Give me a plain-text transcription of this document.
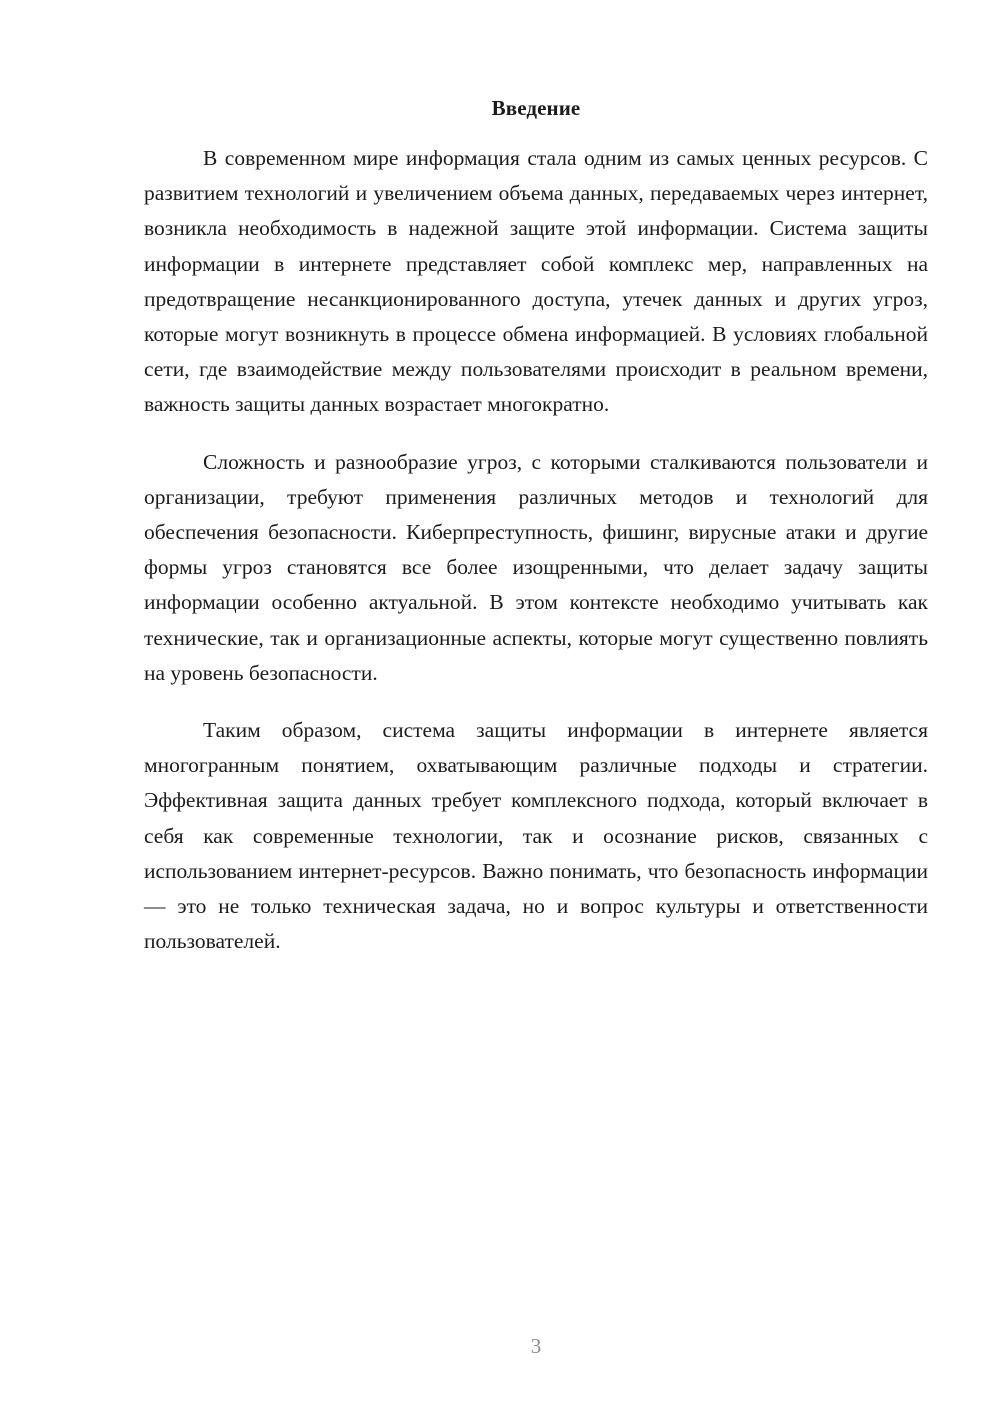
Введение

В современном мире информация стала одним из самых ценных ресурсов. С развитием технологий и увеличением объема данных, передаваемых через интернет, возникла необходимость в надежной защите этой информации. Система защиты информации в интернете представляет собой комплекс мер, направленных на предотвращение несанкционированного доступа, утечек данных и других угроз, которые могут возникнуть в процессе обмена информацией. В условиях глобальной сети, где взаимодействие между пользователями происходит в реальном времени, важность защиты данных возрастает многократно.

Сложность и разнообразие угроз, с которыми сталкиваются пользователи и организации, требуют применения различных методов и технологий для обеспечения безопасности. Киберпреступность, фишинг, вирусные атаки и другие формы угроз становятся все более изощренными, что делает задачу защиты информации особенно актуальной. В этом контексте необходимо учитывать как технические, так и организационные аспекты, которые могут существенно повлиять на уровень безопасности.

Таким образом, система защиты информации в интернете является многогранным понятием, охватывающим различные подходы и стратегии. Эффективная защита данных требует комплексного подхода, который включает в себя как современные технологии, так и осознание рисков, связанных с использованием интернет-ресурсов. Важно понимать, что безопасность информации — это не только техническая задача, но и вопрос культуры и ответственности пользователей.

3
